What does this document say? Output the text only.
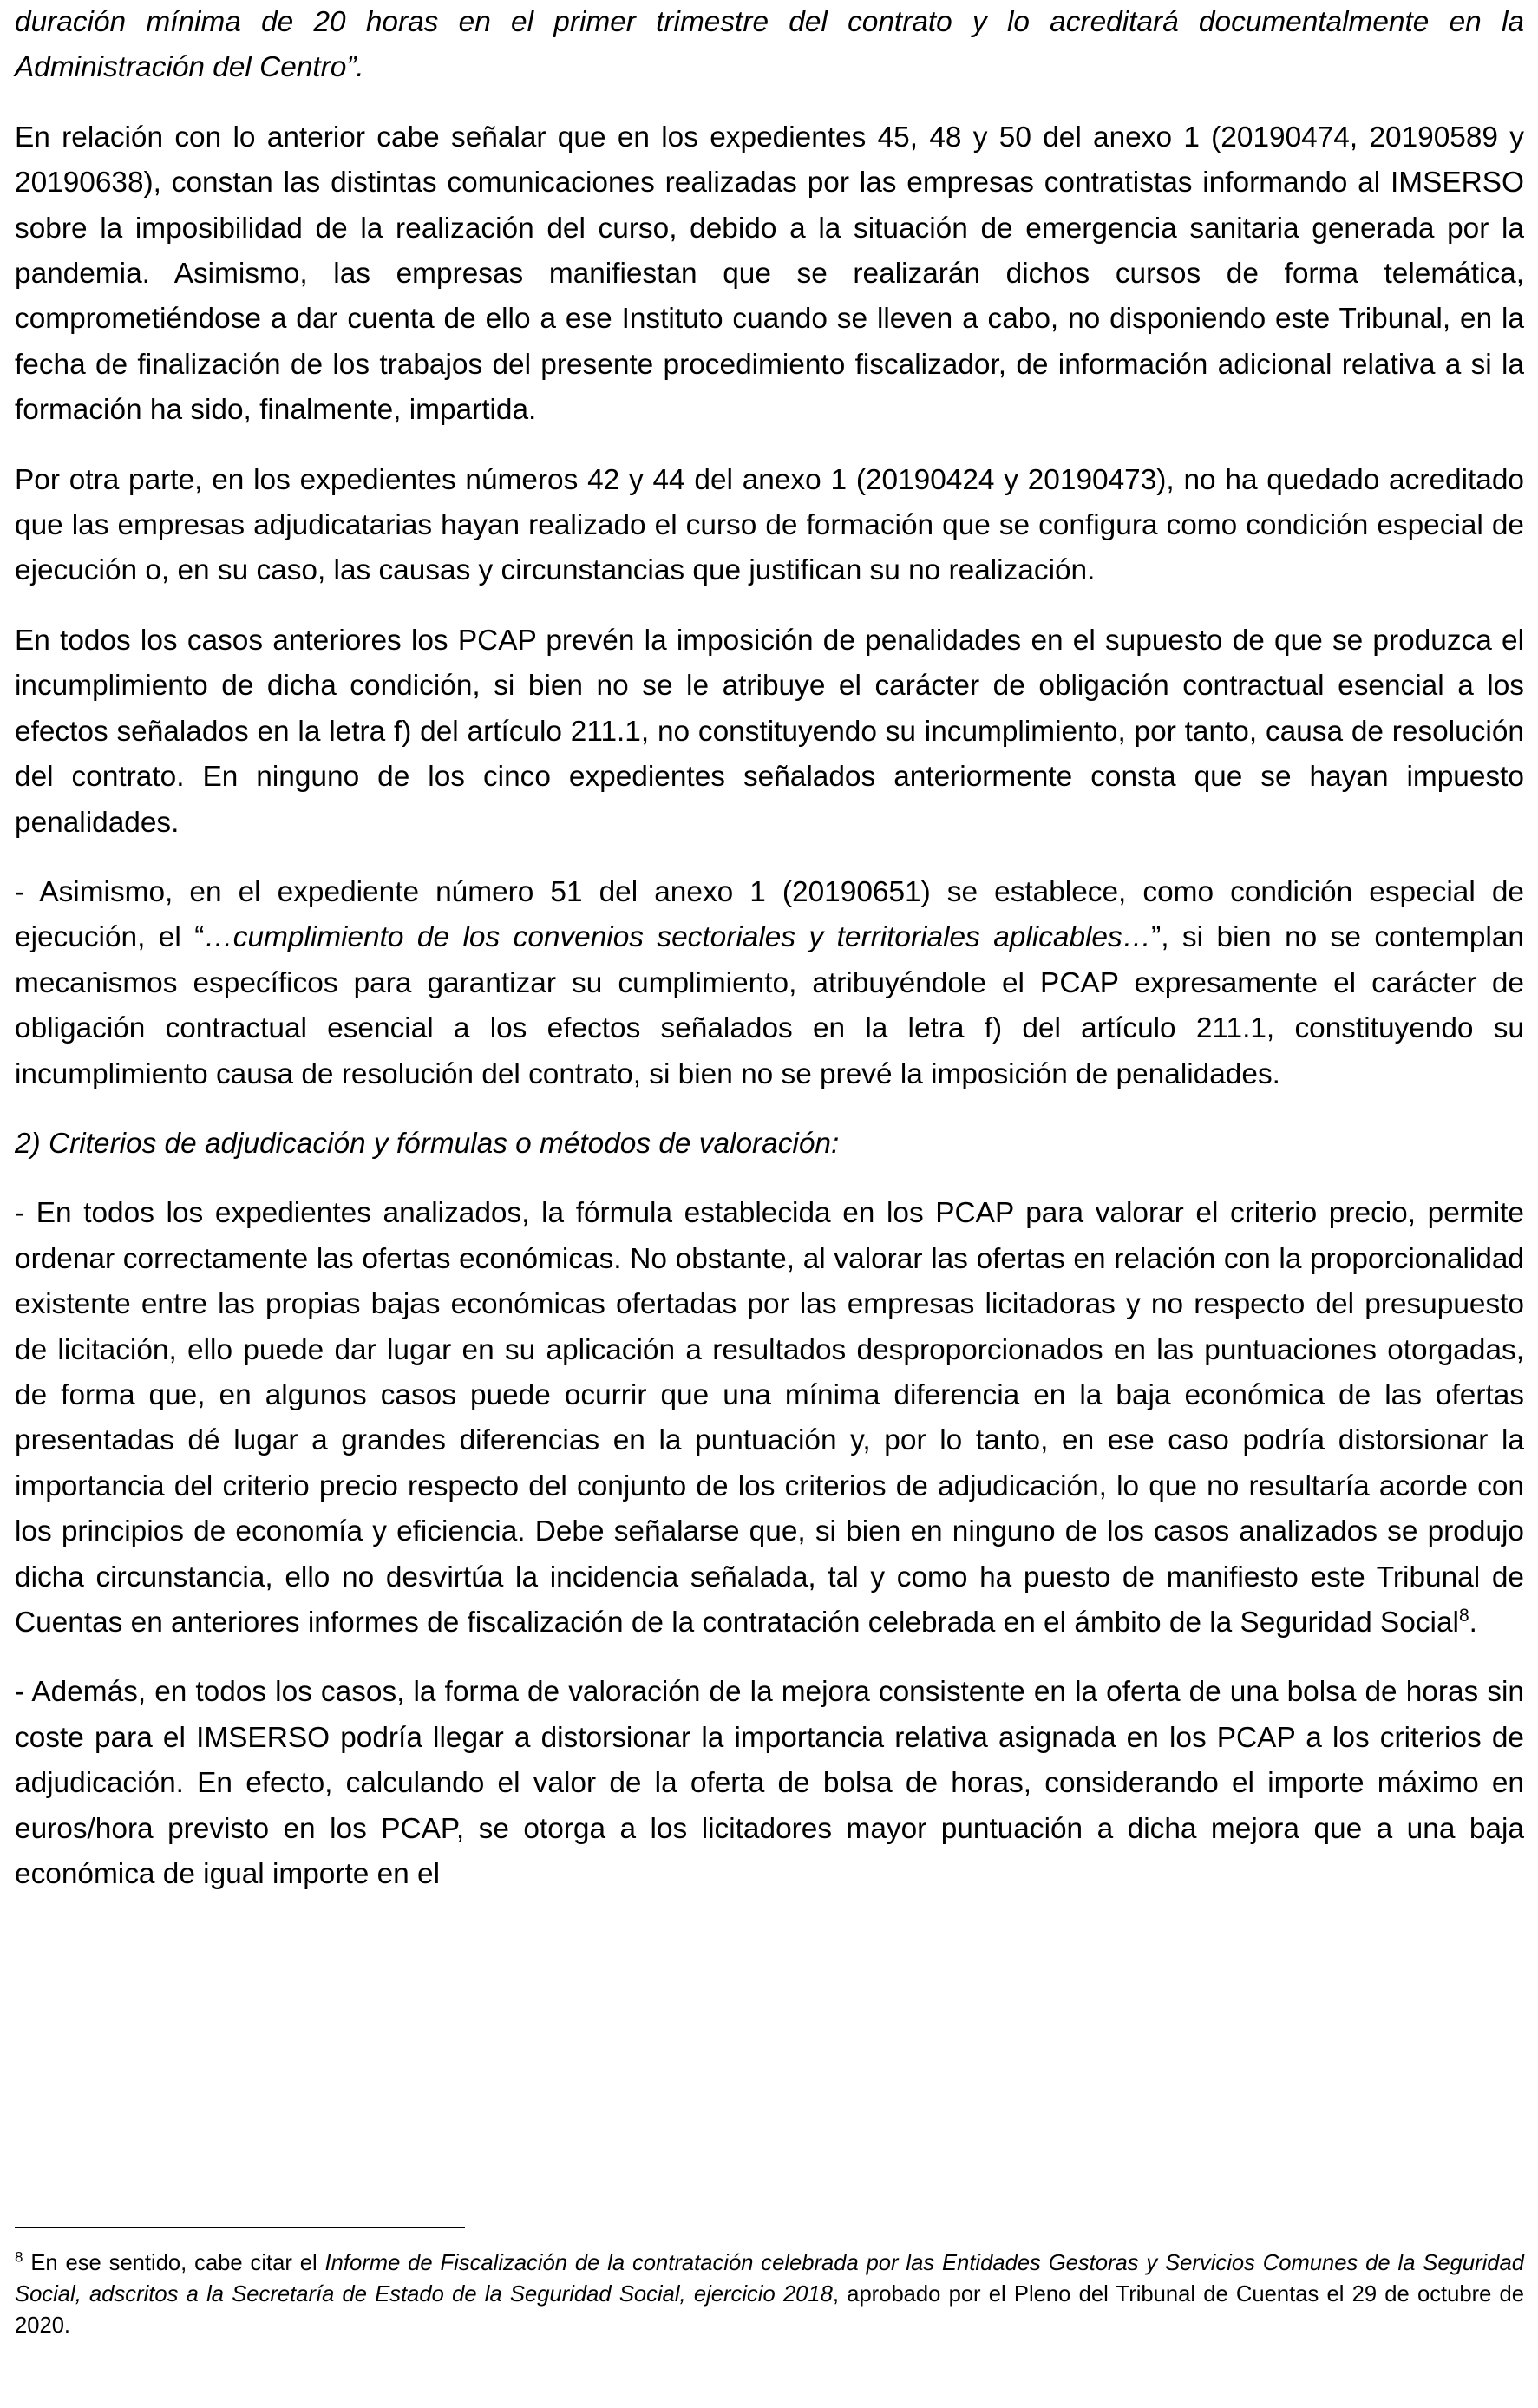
duración mínima de 20 horas en el primer trimestre del contrato y lo acreditará documentalmente en la Administración del Centro”.

En relación con lo anterior cabe señalar que en los expedientes 45, 48 y 50 del anexo 1 (20190474, 20190589 y 20190638), constan las distintas comunicaciones realizadas por las empresas contratistas informando al IMSERSO sobre la imposibilidad de la realización del curso, debido a la situación de emergencia sanitaria generada por la pandemia. Asimismo, las empresas manifiestan que se realizarán dichos cursos de forma telemática, comprometiéndose a dar cuenta de ello a ese Instituto cuando se lleven a cabo, no disponiendo este Tribunal, en la fecha de finalización de los trabajos del presente procedimiento fiscalizador, de información adicional relativa a si la formación ha sido, finalmente, impartida.

Por otra parte, en los expedientes números 42 y 44 del anexo 1 (20190424 y 20190473), no ha quedado acreditado que las empresas adjudicatarias hayan realizado el curso de formación que se configura como condición especial de ejecución o, en su caso, las causas y circunstancias que justifican su no realización.

En todos los casos anteriores los PCAP prevén la imposición de penalidades en el supuesto de que se produzca el incumplimiento de dicha condición, si bien no se le atribuye el carácter de obligación contractual esencial a los efectos señalados en la letra f) del artículo 211.1, no constituyendo su incumplimiento, por tanto, causa de resolución del contrato. En ninguno de los cinco expedientes señalados anteriormente consta que se hayan impuesto penalidades.

- Asimismo, en el expediente número 51 del anexo 1 (20190651) se establece, como condición especial de ejecución, el “…cumplimiento de los convenios sectoriales y territoriales aplicables…”, si bien no se contemplan mecanismos específicos para garantizar su cumplimiento, atribuyéndole el PCAP expresamente el carácter de obligación contractual esencial a los efectos señalados en la letra f) del artículo 211.1, constituyendo su incumplimiento causa de resolución del contrato, si bien no se prevé la imposición de penalidades.

2) Criterios de adjudicación y fórmulas o métodos de valoración:

- En todos los expedientes analizados, la fórmula establecida en los PCAP para valorar el criterio precio, permite ordenar correctamente las ofertas económicas. No obstante, al valorar las ofertas en relación con la proporcionalidad existente entre las propias bajas económicas ofertadas por las empresas licitadoras y no respecto del presupuesto de licitación, ello puede dar lugar en su aplicación a resultados desproporcionados en las puntuaciones otorgadas, de forma que, en algunos casos puede ocurrir que una mínima diferencia en la baja económica de las ofertas presentadas dé lugar a grandes diferencias en la puntuación y, por lo tanto, en ese caso podría distorsionar la importancia del criterio precio respecto del conjunto de los criterios de adjudicación, lo que no resultaría acorde con los principios de economía y eficiencia. Debe señalarse que, si bien en ninguno de los casos analizados se produjo dicha circunstancia, ello no desvirtúa la incidencia señalada, tal y como ha puesto de manifiesto este Tribunal de Cuentas en anteriores informes de fiscalización de la contratación celebrada en el ámbito de la Seguridad Social$^8$.

- Además, en todos los casos, la forma de valoración de la mejora consistente en la oferta de una bolsa de horas sin coste para el IMSERSO podría llegar a distorsionar la importancia relativa asignada en los PCAP a los criterios de adjudicación. En efecto, calculando el valor de la oferta de bolsa de horas, considerando el importe máximo en euros/hora previsto en los PCAP, se otorga a los licitadores mayor puntuación a dicha mejora que a una baja económica de igual importe en el

$^8$ En ese sentido, cabe citar el Informe de Fiscalización de la contratación celebrada por las Entidades Gestoras y Servicios Comunes de la Seguridad Social, adscritos a la Secretaría de Estado de la Seguridad Social, ejercicio 2018, aprobado por el Pleno del Tribunal de Cuentas el 29 de octubre de 2020.
